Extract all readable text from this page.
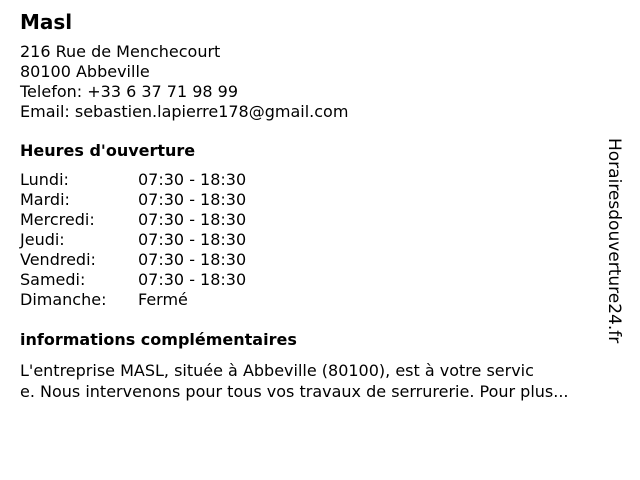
Masl
216 Rue de Menchecourt
80100 Abbeville
Telefon: +33 6 37 71 98 99
Email: sebastien.lapierre178@gmail.com
Heures d'ouverture
Lundi:	07:30 - 18:30
Mardi:	07:30 - 18:30
Mercredi:	07:30 - 18:30
Jeudi:	07:30 - 18:30
Vendredi:	07:30 - 18:30
Samedi:	07:30 - 18:30
Dimanche:	Fermé
informations complémentaires
L'entreprise MASL, située à Abbeville (80100), est à votre servic
e. Nous intervenons pour tous vos travaux de serrurerie. Pour plus...
Horairesdouverture24.fr
